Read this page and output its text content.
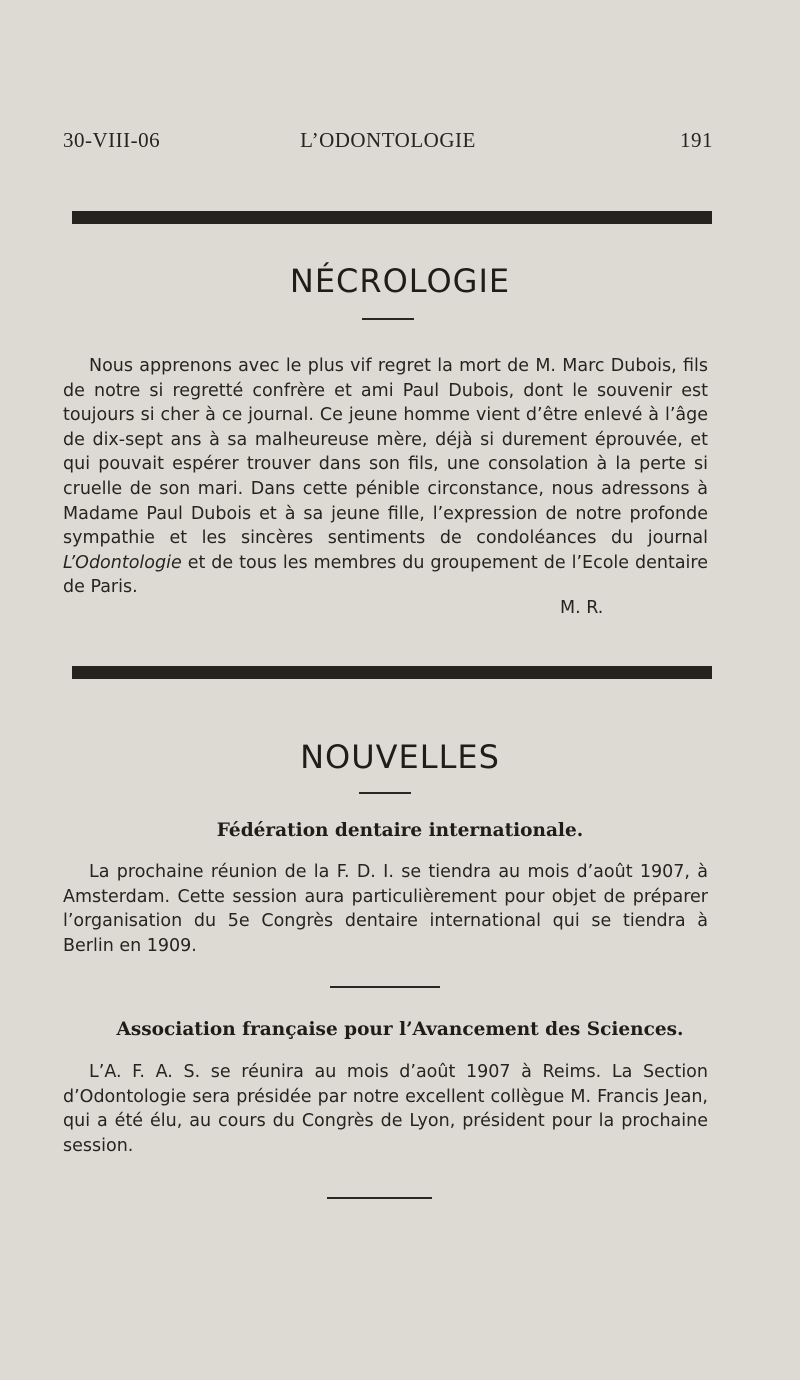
30-VIII-06	L’ODONTOLOGIE	191
NÉCROLOGIE
Nous apprenons avec le plus vif regret la mort de M. Marc Dubois, fils de notre si regretté confrère et ami Paul Dubois, dont le souvenir est toujours si cher à ce journal. Ce jeune homme vient d’être enlevé à l’âge de dix-sept ans à sa malheureuse mère, déjà si durement éprouvée, et qui pouvait espérer trouver dans son fils, une consolation à la perte si cruelle de son mari. Dans cette pénible circonstance, nous adressons à Madame Paul Dubois et à sa jeune fille, l’expression de notre profonde sympathie et les sincères sentiments de condoléances du journal L’Odontologie et de tous les membres du groupement de l’Ecole dentaire de Paris.
M. R.
NOUVELLES
Fédération dentaire internationale.
La prochaine réunion de la F. D. I. se tiendra au mois d’août 1907, à Amsterdam. Cette session aura particulièrement pour objet de préparer l’organisation du 5e Congrès dentaire international qui se tiendra à Berlin en 1909.
Association française pour l’Avancement des Sciences.
L’A. F. A. S. se réunira au mois d’août 1907 à Reims. La Section d’Odontologie sera présidée par notre excellent collègue M. Francis Jean, qui a été élu, au cours du Congrès de Lyon, président pour la prochaine session.
